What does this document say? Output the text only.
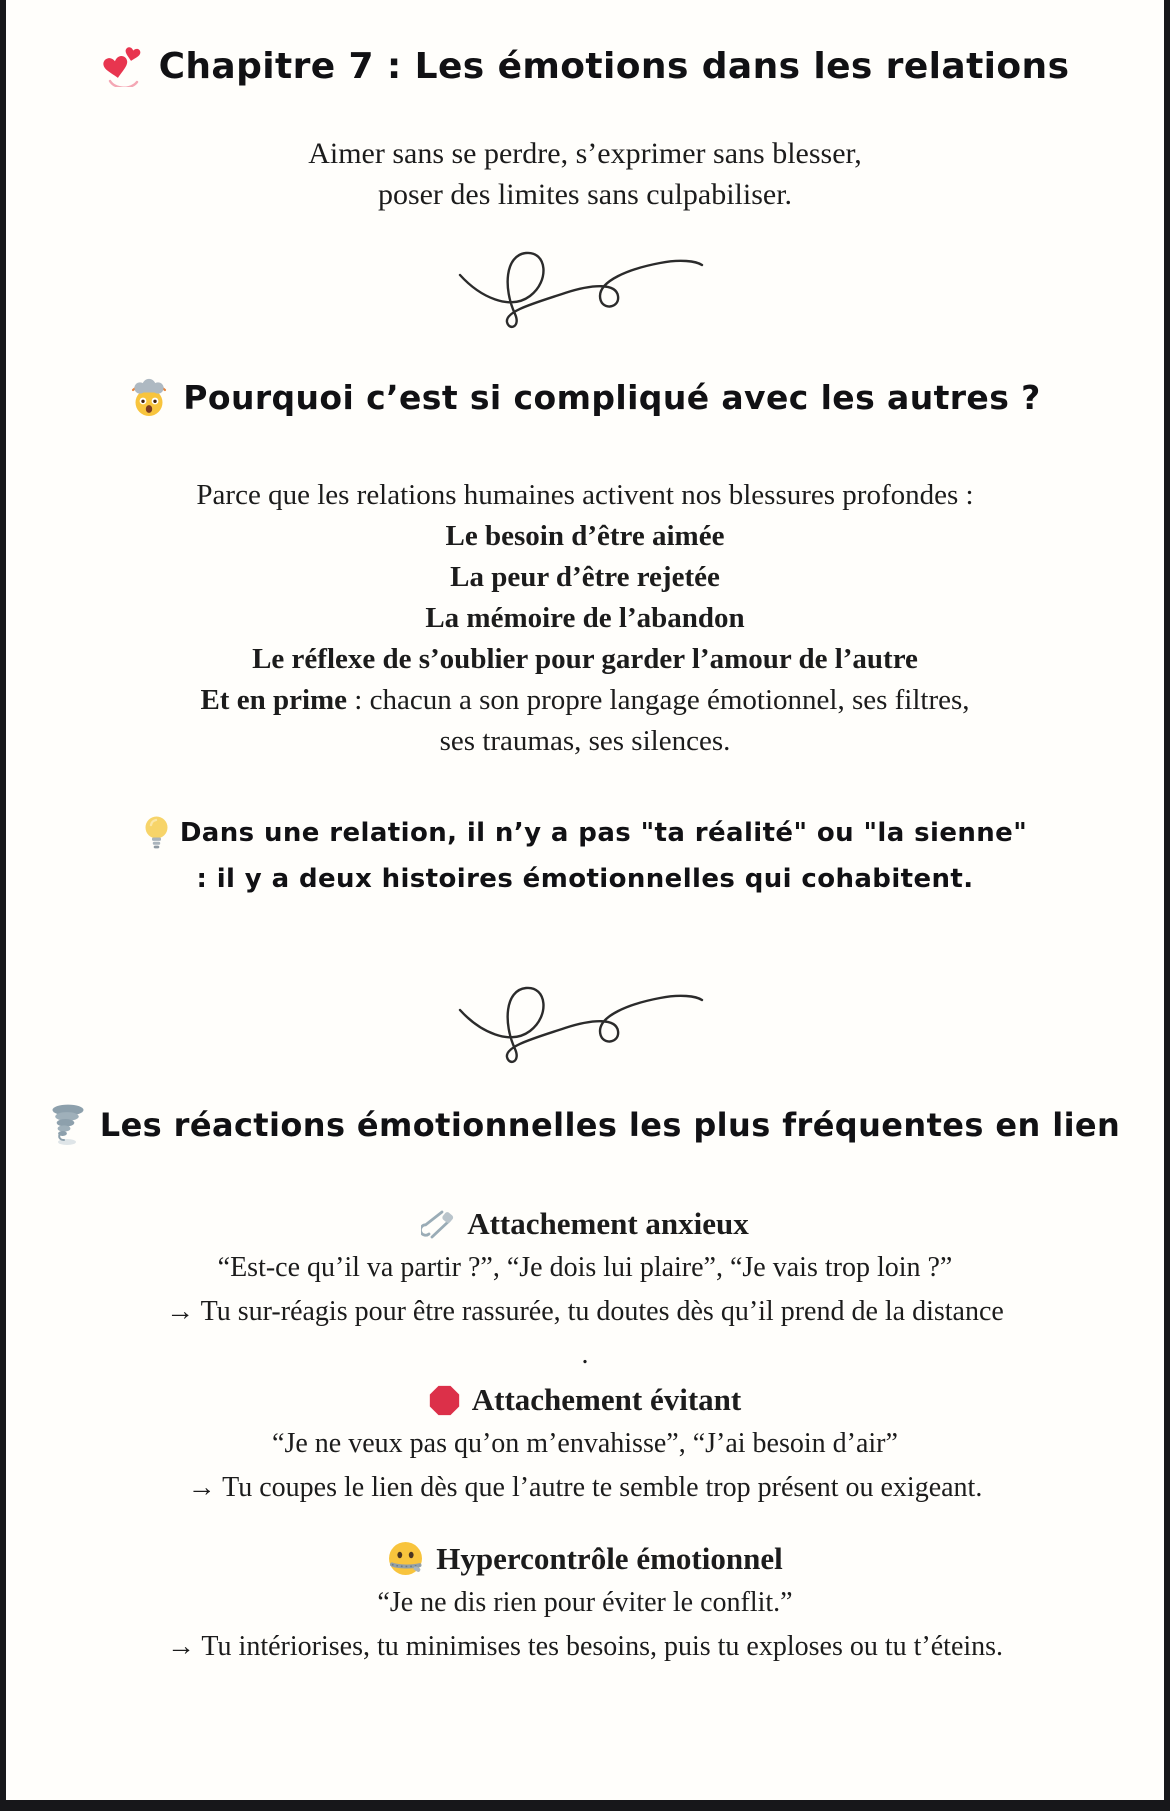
Chapitre 7 : Les émotions dans les relations
Aimer sans se perdre, s’exprimer sans blesser,
poser des limites sans culpabiliser.
Pourquoi c’est si compliqué avec les autres ?
Parce que les relations humaines activent nos blessures profondes :
Le besoin d’être aimée
La peur d’être rejetée
La mémoire de l’abandon
Le réflexe de s’oublier pour garder l’amour de l’autre
Et en prime : chacun a son propre langage émotionnel, ses filtres,
ses traumas, ses silences.
Dans une relation, il n’y a pas "ta réalité" ou "la sienne"
: il y a deux histoires émotionnelles qui cohabitent.
Les réactions émotionnelles les plus fréquentes en lien
Attachement anxieux
“Est-ce qu’il va partir ?”, “Je dois lui plaire”, “Je vais trop loin ?”
→ Tu sur-réagis pour être rassurée, tu doutes dès qu’il prend de la distance
.
Attachement évitant
“Je ne veux pas qu’on m’envahisse”, “J’ai besoin d’air”
→ Tu coupes le lien dès que l’autre te semble trop présent ou exigeant.
Hypercontrôle émotionnel
“Je ne dis rien pour éviter le conflit.”
→ Tu intériorises, tu minimises tes besoins, puis tu exploses ou tu t’éteins.
